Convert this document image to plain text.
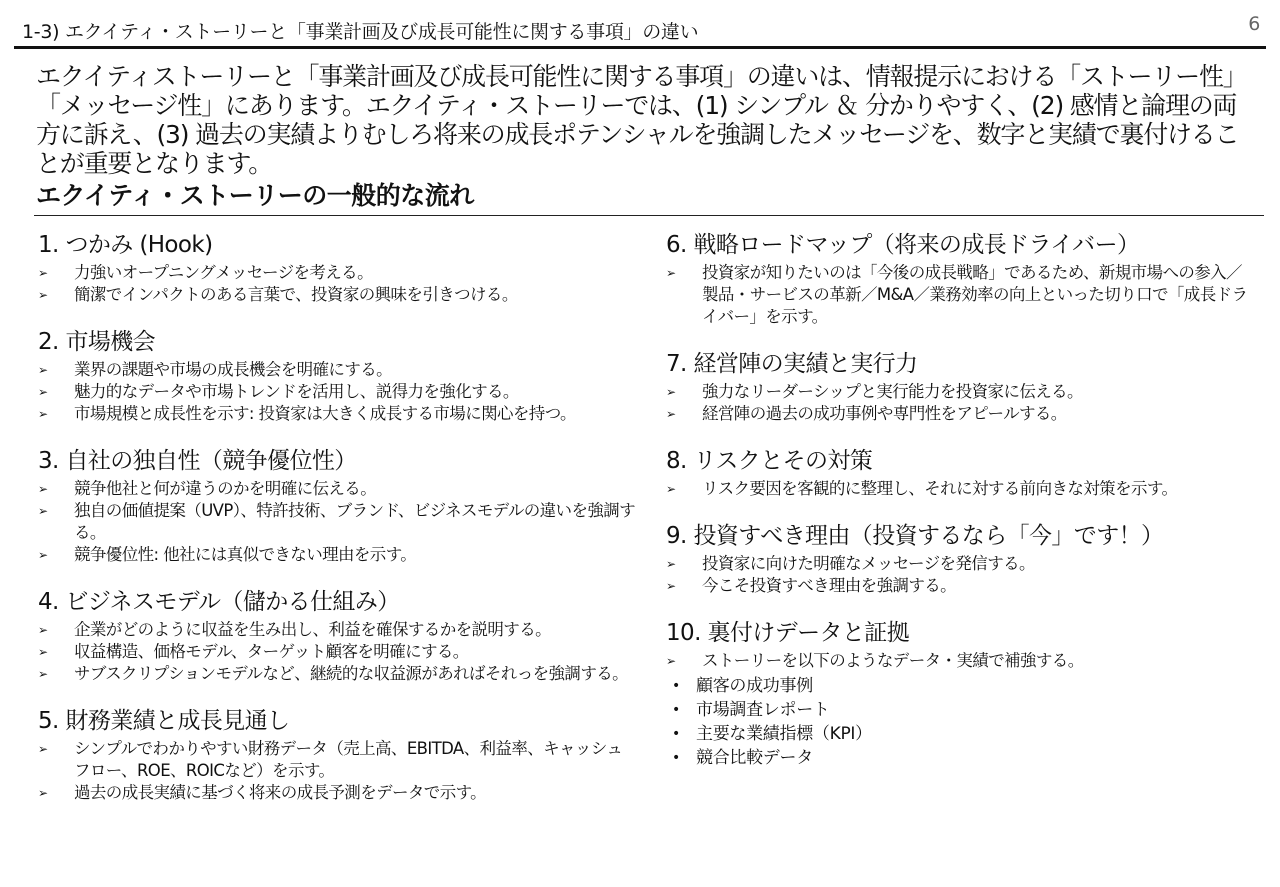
1-3) エクイティ・ストーリーと「事業計画及び成長可能性に関する事項」の違い	6
エクイティストーリーと「事業計画及び成長可能性に関する事項」の違いは、情報提示における「ストーリー性」「メッセージ性」にあります。エクイティ・ストーリーでは、(1) シンプル ＆ 分かりやすく、(2) 感情と論理の両方に訴え、(3) 過去の実績よりむしろ将来の成長ポテンシャルを強調したメッセージを、数字と実績で裏付けることが重要となります。
エクイティ・ストーリーの一般的な流れ
1. つかみ (Hook)
➢ 力強いオープニングメッセージを考える。
➢ 簡潔でインパクトのある言葉で、投資家の興味を引きつける。
2. 市場機会
➢ 業界の課題や市場の成長機会を明確にする。
➢ 魅力的なデータや市場トレンドを活用し、説得力を強化する。
➢ 市場規模と成長性を示す: 投資家は大きく成長する市場に関心を持つ。
3. 自社の独自性（競争優位性）
➢ 競争他社と何が違うのかを明確に伝える。
➢ 独自の価値提案（UVP）、特許技術、ブランド、ビジネスモデルの違いを強調する。
➢ 競争優位性: 他社には真似できない理由を示す。
4. ビジネスモデル（儲かる仕組み）
➢ 企業がどのように収益を生み出し、利益を確保するかを説明する。
➢ 収益構造、価格モデル、ターゲット顧客を明確にする。
➢ サブスクリプションモデルなど、継続的な収益源があればそれっを強調する。
5. 財務業績と成長見通し
➢ シンプルでわかりやすい財務データ（売上高、EBITDA、利益率、キャッシュフロー、ROE、ROICなど）を示す。
➢ 過去の成長実績に基づく将来の成長予測をデータで示す。
6. 戦略ロードマップ（将来の成長ドライバー）
➢ 投資家が知りたいのは「今後の成長戦略」であるため、新規市場への参入／製品・サービスの革新／M&A／業務効率の向上といった切り口で「成長ドライバー」を示す。
7. 経営陣の実績と実行力
➢ 強力なリーダーシップと実行能力を投資家に伝える。
➢ 経営陣の過去の成功事例や専門性をアピールする。
8. リスクとその対策
➢ リスク要因を客観的に整理し、それに対する前向きな対策を示す。
9. 投資すべき理由（投資するなら「今」です！）
➢ 投資家に向けた明確なメッセージを発信する。
➢ 今こそ投資すべき理由を強調する。
10. 裏付けデータと証拠
➢ ストーリーを以下のようなデータ・実績で補強する。
• 顧客の成功事例
• 市場調査レポート
• 主要な業績指標（KPI）
• 競合比較データ
